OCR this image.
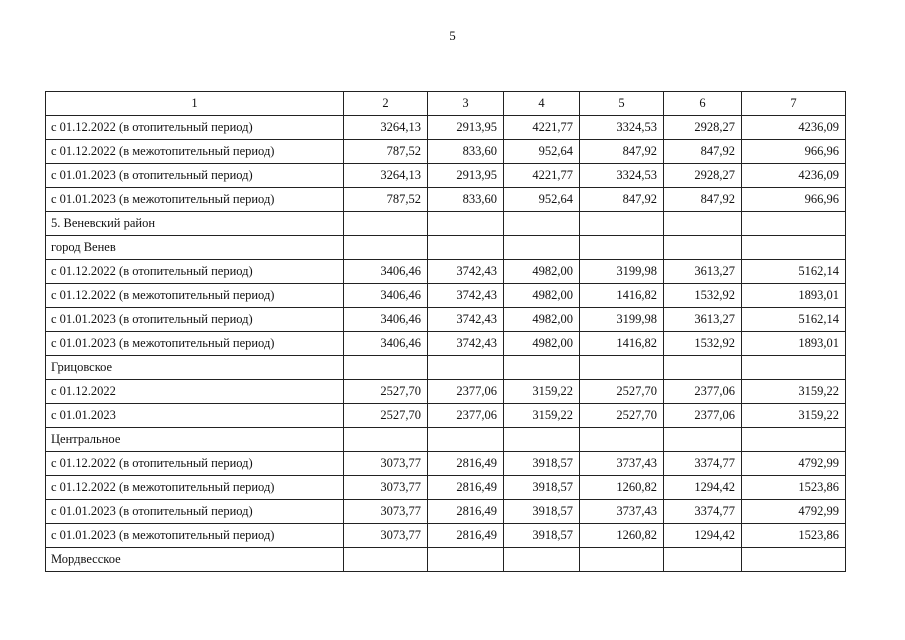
5
1	2	3	4	5	6	7
с 01.12.2022 (в отопительный период)	3264,13	2913,95	4221,77	3324,53	2928,27	4236,09
с 01.12.2022 (в межотопительный период)	787,52	833,60	952,64	847,92	847,92	966,96
с 01.01.2023 (в отопительный период)	3264,13	2913,95	4221,77	3324,53	2928,27	4236,09
с 01.01.2023 (в межотопительный период)	787,52	833,60	952,64	847,92	847,92	966,96
5. Веневский район						
город Венев						
с 01.12.2022 (в отопительный период)	3406,46	3742,43	4982,00	3199,98	3613,27	5162,14
с 01.12.2022 (в межотопительный период)	3406,46	3742,43	4982,00	1416,82	1532,92	1893,01
с 01.01.2023 (в отопительный период)	3406,46	3742,43	4982,00	3199,98	3613,27	5162,14
с 01.01.2023 (в межотопительный период)	3406,46	3742,43	4982,00	1416,82	1532,92	1893,01
Грицовское						
с 01.12.2022	2527,70	2377,06	3159,22	2527,70	2377,06	3159,22
с 01.01.2023	2527,70	2377,06	3159,22	2527,70	2377,06	3159,22
Центральное						
с 01.12.2022 (в отопительный период)	3073,77	2816,49	3918,57	3737,43	3374,77	4792,99
с 01.12.2022 (в межотопительный период)	3073,77	2816,49	3918,57	1260,82	1294,42	1523,86
с 01.01.2023 (в отопительный период)	3073,77	2816,49	3918,57	3737,43	3374,77	4792,99
с 01.01.2023 (в межотопительный период)	3073,77	2816,49	3918,57	1260,82	1294,42	1523,86
Мордвесское						
